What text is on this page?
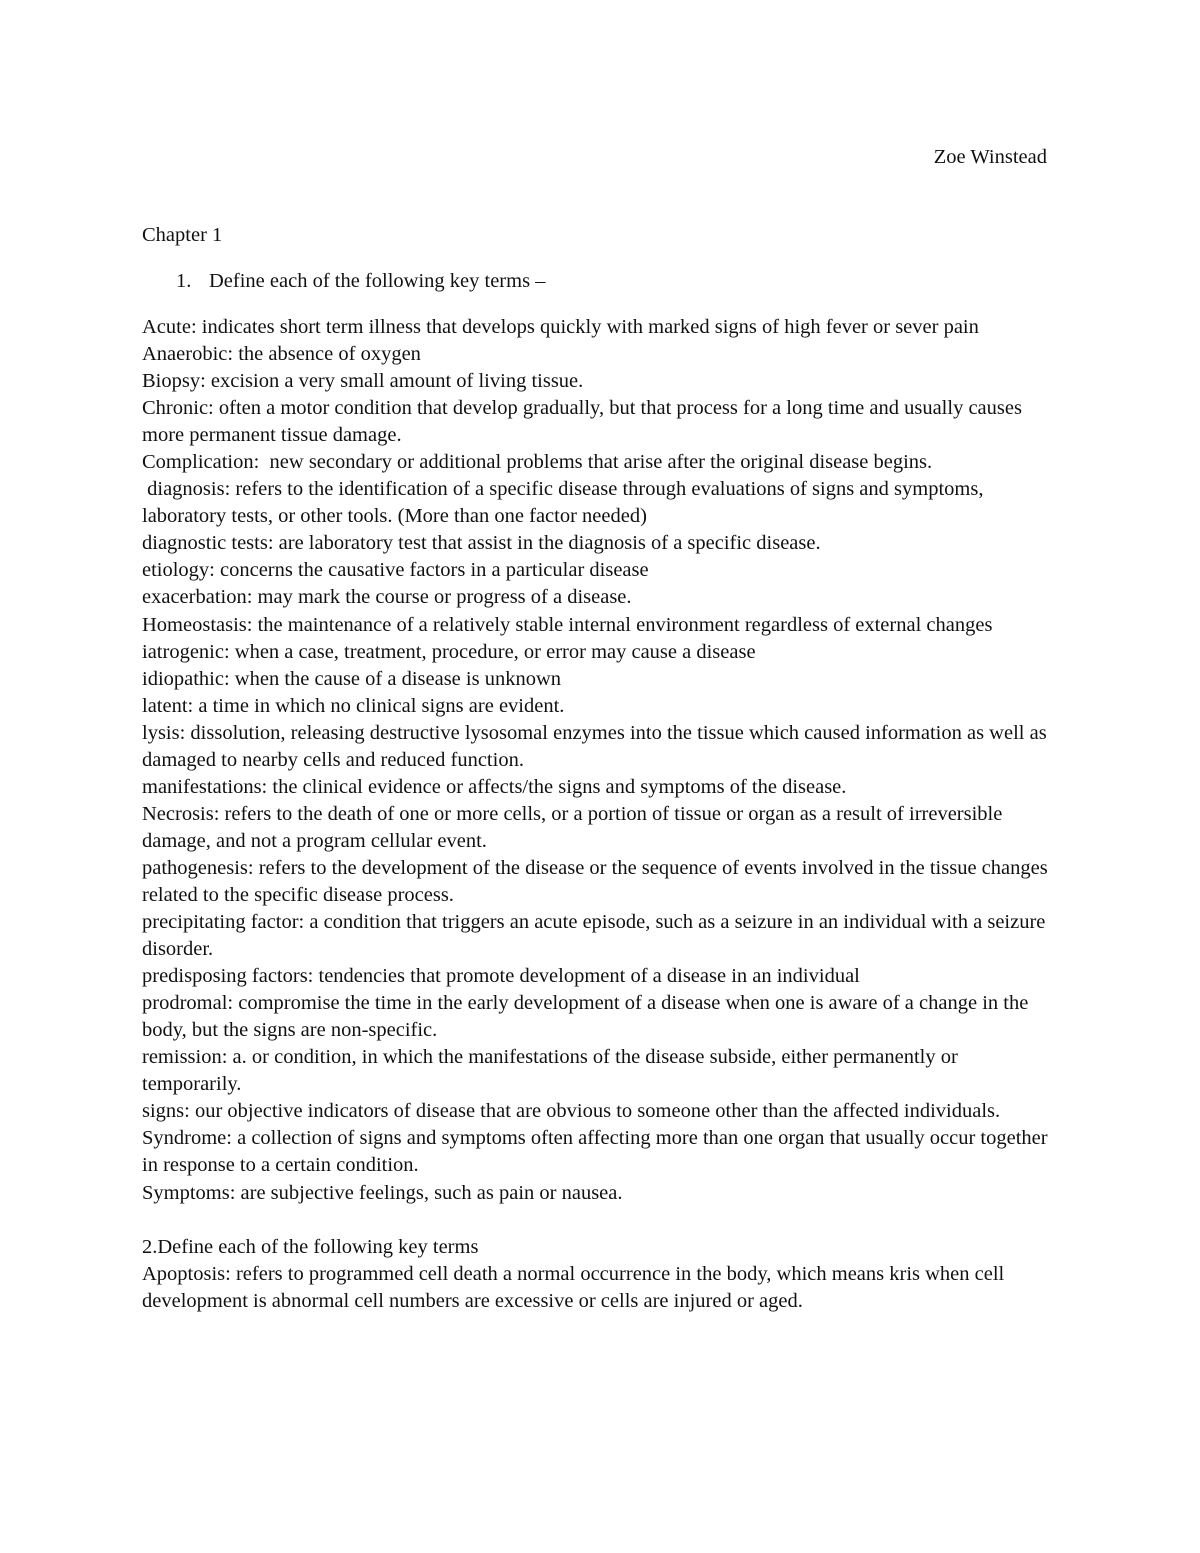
Zoe Winstead
Chapter 1
1. Define each of the following key terms –

Acute: indicates short term illness that develops quickly with marked signs of high fever or sever pain

Anaerobic: the absence of oxygen

Biopsy: excision a very small amount of living tissue.

Chronic: often a motor condition that develop gradually, but that process for a long time and usually causes more permanent tissue damage.

Complication:  new secondary or additional problems that arise after the original disease begins.

diagnosis: refers to the identification of a specific disease through evaluations of signs and symptoms, laboratory tests, or other tools. (More than one factor needed)

diagnostic tests: are laboratory test that assist in the diagnosis of a specific disease.

etiology: concerns the causative factors in a particular disease

exacerbation: may mark the course or progress of a disease.

Homeostasis: the maintenance of a relatively stable internal environment regardless of external changes

iatrogenic: when a case, treatment, procedure, or error may cause a disease

idiopathic: when the cause of a disease is unknown

latent: a time in which no clinical signs are evident.

lysis: dissolution, releasing destructive lysosomal enzymes into the tissue which caused information as well as damaged to nearby cells and reduced function.

manifestations: the clinical evidence or affects/the signs and symptoms of the disease.

Necrosis: refers to the death of one or more cells, or a portion of tissue or organ as a result of irreversible damage, and not a program cellular event.

pathogenesis: refers to the development of the disease or the sequence of events involved in the tissue changes related to the specific disease process.

precipitating factor: a condition that triggers an acute episode, such as a seizure in an individual with a seizure disorder.

predisposing factors: tendencies that promote development of a disease in an individual

prodromal: compromise the time in the early development of a disease when one is aware of a change in the body, but the signs are non-specific.

remission: a. or condition, in which the manifestations of the disease subside, either permanently or temporarily.

signs: our objective indicators of disease that are obvious to someone other than the affected individuals.

Syndrome: a collection of signs and symptoms often affecting more than one organ that usually occur together in response to a certain condition.

Symptoms: are subjective feelings, such as pain or nausea.

2.Define each of the following key terms

Apoptosis: refers to programmed cell death a normal occurrence in the body, which means kris when cell development is abnormal cell numbers are excessive or cells are injured or aged.
